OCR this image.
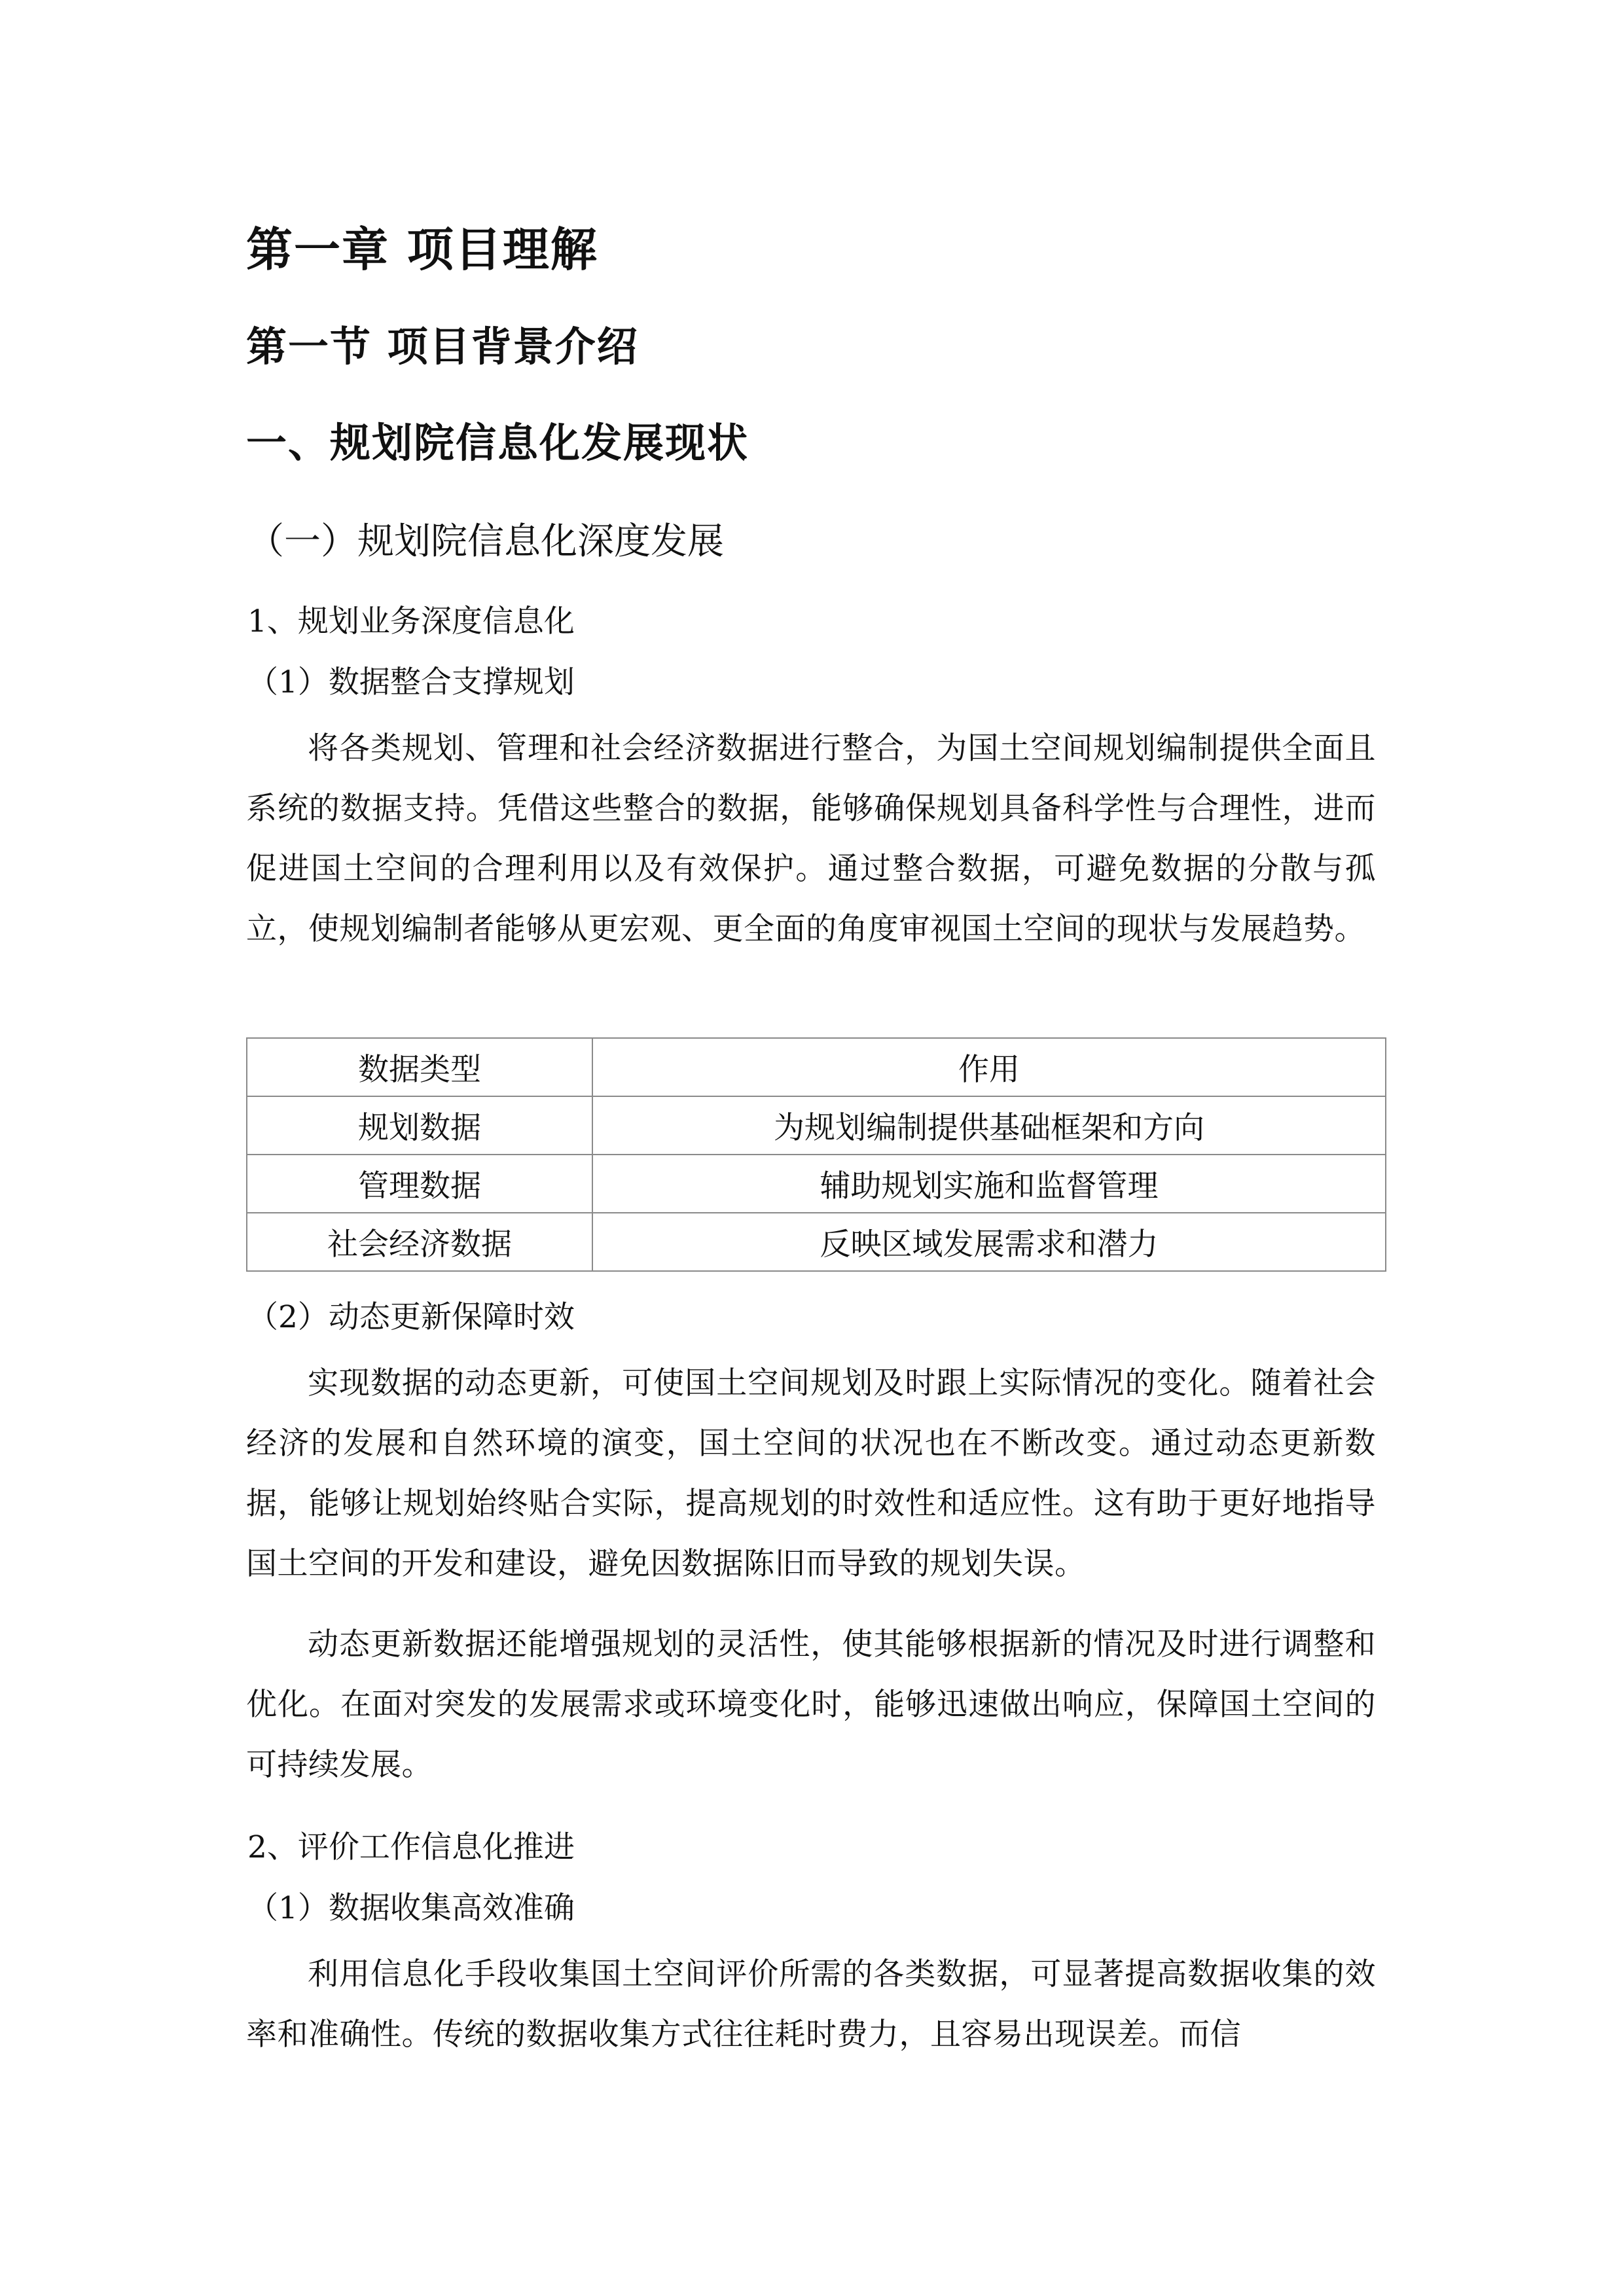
第一章 项目理解
第一节 项目背景介绍
一、规划院信息化发展现状
（一）规划院信息化深度发展
1、规划业务深度信息化
（1）数据整合支撑规划
将各类规划、管理和社会经济数据进行整合，为国土空间规划编制提供全面且系统的数据支持。凭借这些整合的数据，能够确保规划具备科学性与合理性，进而促进国土空间的合理利用以及有效保护。通过整合数据，可避免数据的分散与孤立，使规划编制者能够从更宏观、更全面的角度审视国土空间的现状与发展趋势。
数据类型	作用
规划数据	为规划编制提供基础框架和方向
管理数据	辅助规划实施和监督管理
社会经济数据	反映区域发展需求和潜力
（2）动态更新保障时效
实现数据的动态更新，可使国土空间规划及时跟上实际情况的变化。随着社会经济的发展和自然环境的演变，国土空间的状况也在不断改变。通过动态更新数据，能够让规划始终贴合实际，提高规划的时效性和适应性。这有助于更好地指导国土空间的开发和建设，避免因数据陈旧而导致的规划失误。
动态更新数据还能增强规划的灵活性，使其能够根据新的情况及时进行调整和优化。在面对突发的发展需求或环境变化时，能够迅速做出响应，保障国土空间的可持续发展。
2、评价工作信息化推进
（1）数据收集高效准确
利用信息化手段收集国土空间评价所需的各类数据，可显著提高数据收集的效率和准确性。传统的数据收集方式往往耗时费力，且容易出现误差。而信
